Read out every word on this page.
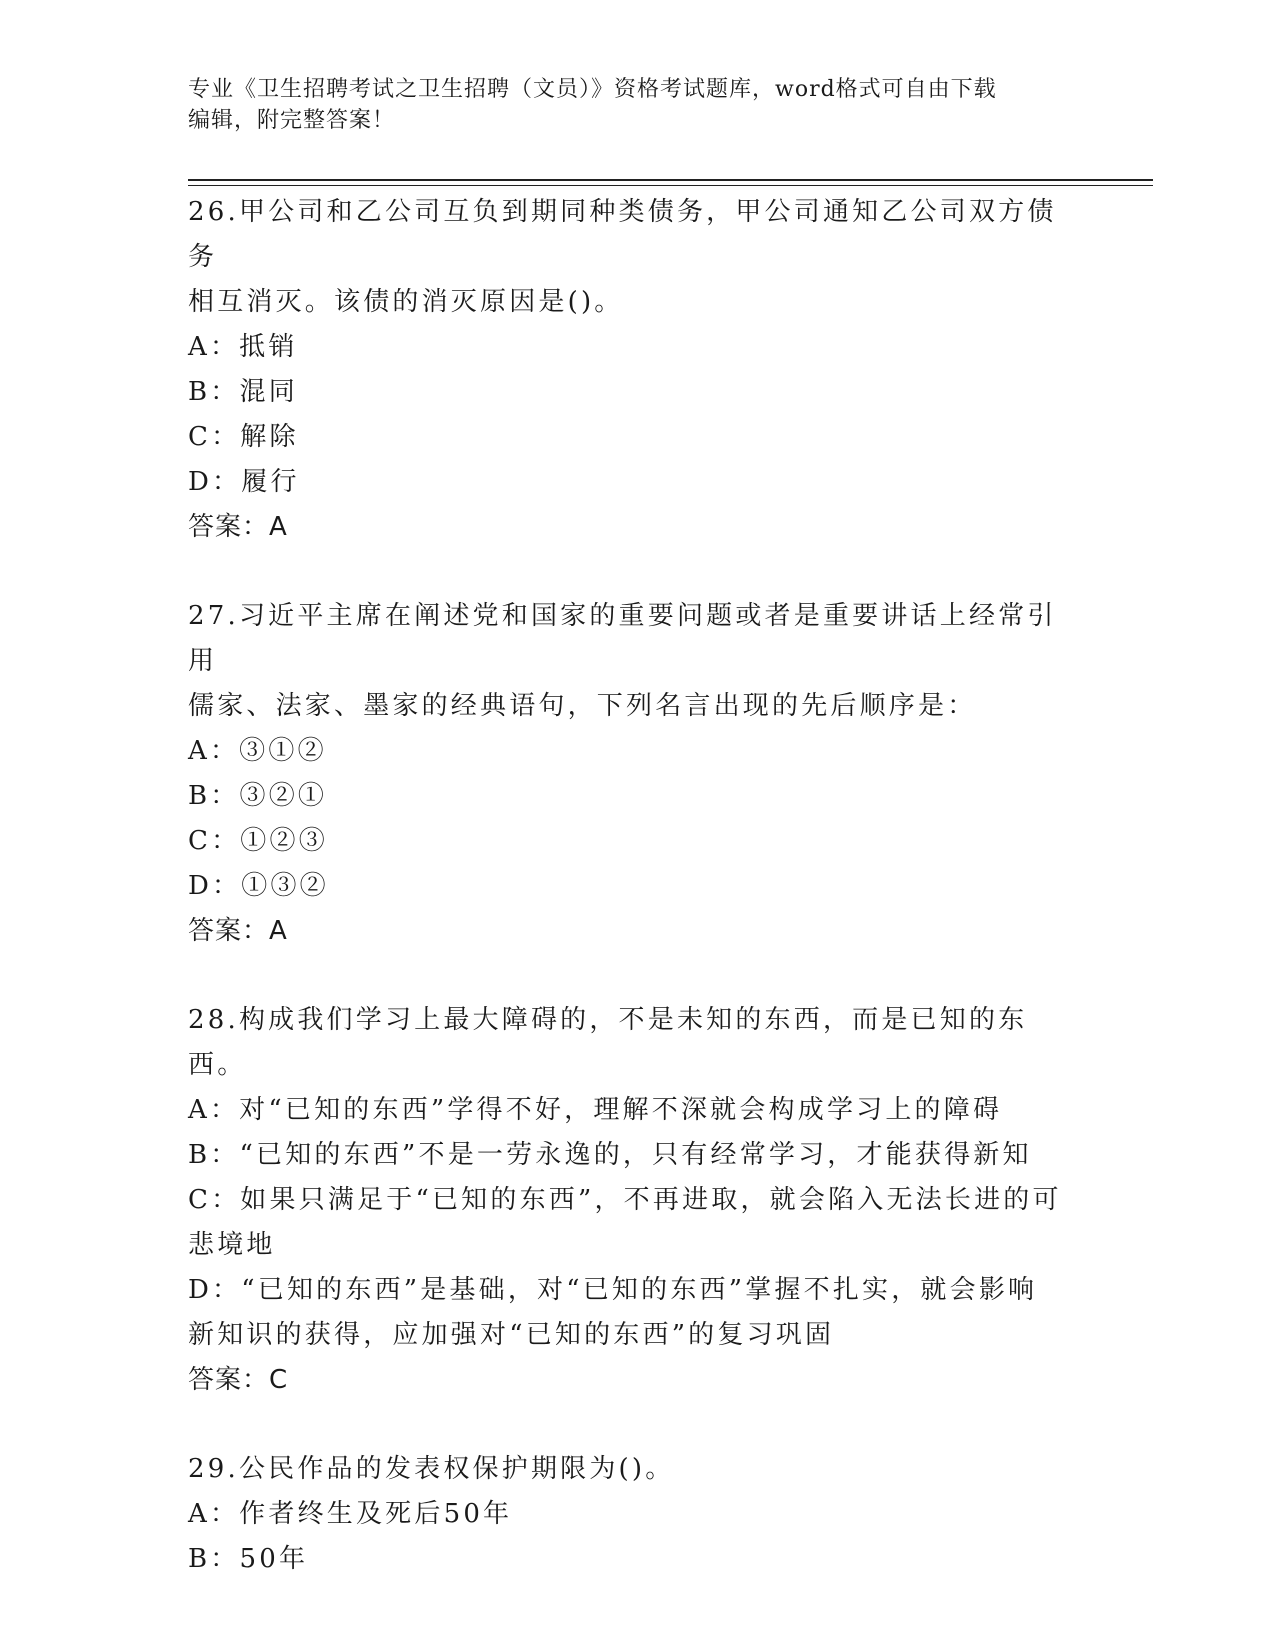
专业《卫生招聘考试之卫生招聘（文员）》资格考试题库，word格式可自由下载
编辑，附完整答案！
26.甲公司和乙公司互负到期同种类债务，甲公司通知乙公司双方债务
相互消灭。该债的消灭原因是()。
A：抵销
B：混同
C：解除
D：履行
答案：A
27.习近平主席在阐述党和国家的重要问题或者是重要讲话上经常引用
儒家、法家、墨家的经典语句，下列名言出现的先后顺序是：
A：③①②
B：③②①
C：①②③
D：①③②
答案：A
28.构成我们学习上最大障碍的，不是未知的东西，而是已知的东西。
A：对“已知的东西”学得不好，理解不深就会构成学习上的障碍
B：“已知的东西”不是一劳永逸的，只有经常学习，才能获得新知
C：如果只满足于“已知的东西”，不再进取，就会陷入无法长进的可
悲境地
D：“已知的东西”是基础，对“已知的东西”掌握不扎实，就会影响
新知识的获得，应加强对“已知的东西”的复习巩固
答案：C
29.公民作品的发表权保护期限为()。
A：作者终生及死后50年
B：50年
